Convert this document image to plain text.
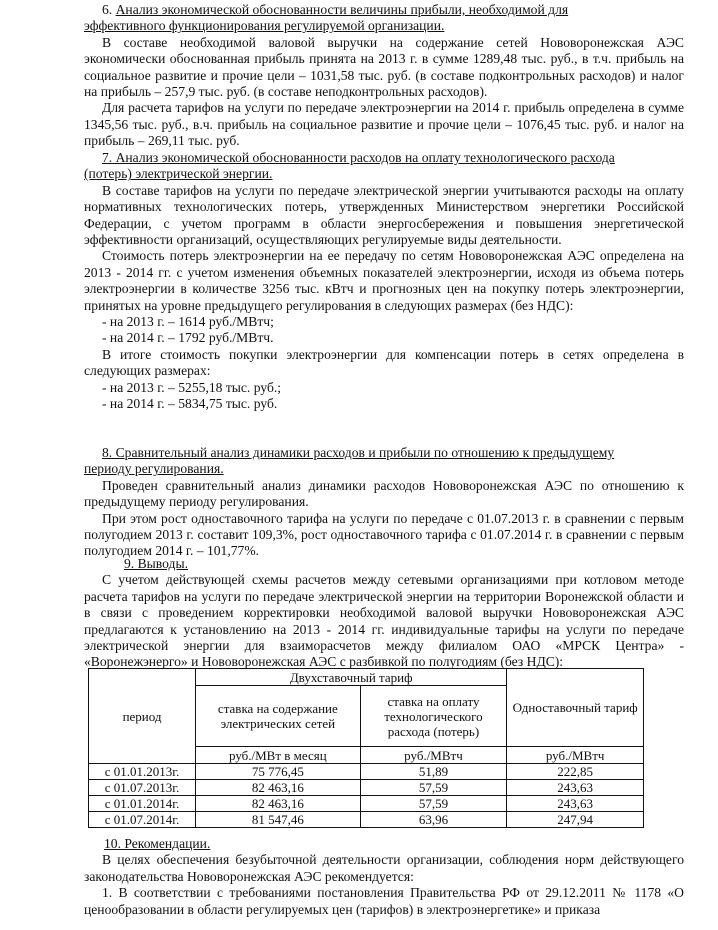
6. Анализ экономической обоснованности величины прибыли, необходимой для

эффективного функционирования регулируемой организации.

В составе необходимой валовой выручки на содержание сетей Нововоронежская АЭС экономически обоснованная прибыль принята на 2013 г. в сумме 1289,48 тыс. руб., в т.ч. прибыль на социальное развитие и прочие цели – 1031,58 тыс. руб. (в составе подконтрольных расходов) и налог на прибыль – 257,9 тыс. руб. (в составе неподконтрольных расходов).

Для расчета тарифов на услуги по передаче электроэнергии на 2014 г. прибыль определена в сумме 1345,56 тыс. руб., в.ч. прибыль на социальное развитие и прочие цели – 1076,45 тыс. руб. и налог на прибыль – 269,11 тыс. руб.

7. Анализ экономической обоснованности расходов на оплату технологического расхода

(потерь) электрической энергии.

В составе тарифов на услуги по передаче электрической энергии учитываются расходы на оплату нормативных технологических потерь, утвержденных Министерством энергетики Российской Федерации, с учетом программ в области энергосбережения и повышения энергетической эффективности организаций, осуществляющих регулируемые виды деятельности.

Стоимость потерь электроэнергии на ее передачу по сетям Нововоронежская АЭС определена на 2013 - 2014 гг. с учетом изменения объемных показателей электроэнергии, исходя из объема потерь электроэнергии в количестве 3256 тыс. кВтч и прогнозных цен на покупку потерь электроэнергии, принятых на уровне предыдущего регулирования в следующих размерах (без НДС):

- на 2013 г. – 1614 руб./МВтч;
- на 2014 г. – 1792 руб./МВтч.

В итоге стоимость покупки электроэнергии для компенсации потерь в сетях определена в следующих размерах:

- на 2013 г. – 5255,18 тыс. руб.;
- на 2014 г. – 5834,75 тыс. руб.

8. Сравнительный анализ динамики расходов и прибыли по отношению к предыдущему

периоду регулирования.

Проведен сравнительный анализ динамики расходов Нововоронежская АЭС по отношению к предыдущему периоду регулирования.

При этом рост одноставочного тарифа на услуги по передаче с 01.07.2013 г. в сравнении с первым полугодием 2013 г. составит 109,3%, рост одноставочного тарифа с 01.07.2014 г. в сравнении с первым полугодием 2014 г. – 101,77%.

9. Выводы.

С учетом действующей схемы расчетов между сетевыми организациями при котловом методе расчета тарифов на услуги по передаче электрической энергии на территории Воронежской области и в связи с проведением корректировки необходимой валовой выручки Нововоронежская АЭС предлагаются к установлению на 2013 - 2014 гг. индивидуальные тарифы на услуги по передаче электрической энергии для взаиморасчетов между филиалом ОАО «МРСК Центра» - «Воронежэнерго» и Нововоронежская АЭС с разбивкой по полугодиям (без НДС):

период	Двухставочный тариф		Одноставочный тариф
	ставка на содержание электрических сетей	ставка на оплату технологического расхода (потерь)	
	руб./МВт в месяц	руб./МВтч	руб./МВтч
с 01.01.2013г.	75 776,45	51,89	222,85
с 01.07.2013г.	82 463,16	57,59	243,63
с 01.01.2014г.	82 463,16	57,59	243,63
с 01.07.2014г.	81 547,46	63,96	247,94

10. Рекомендации.

В целях обеспечения безубыточной деятельности организации, соблюдения норм действующего законодательства Нововоронежская АЭС рекомендуется:

1. В соответствии с требованиями постановления Правительства РФ от 29.12.2011 № 1178 «О ценообразовании в области регулируемых цен (тарифов) в электроэнергетике» и приказа
